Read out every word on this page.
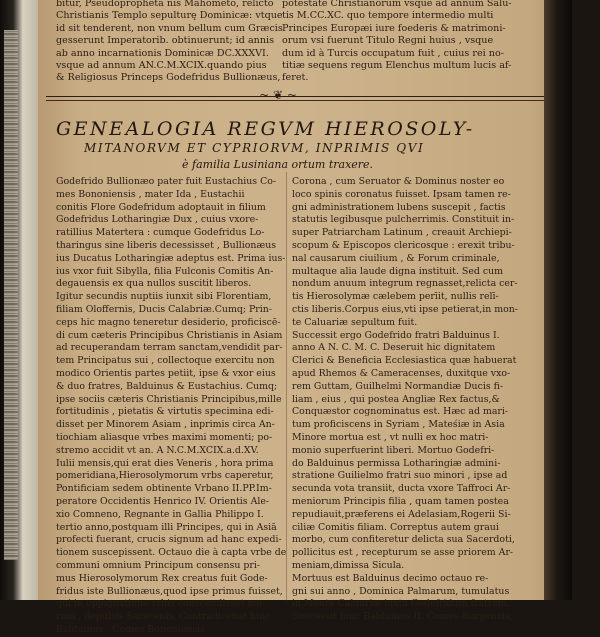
bitur, Pseudopropheta nis Mahometo, relicto
Christianis Templo sepulturę Dominicæ: vtque
id sit tenderent, non vnum bellum cum Græcis
gesserunt Imperatorib. obtinuerunt; id annis
ab anno incarnationis Dominicæ DC.XXXVI.
vsque ad annum AN.C.M.XCIX.quando pius
& Religiosus Princeps Godefridus Bullionæus,
potestate Christianorum vsque ad annum Salu-
tis M.CC.XC. quo tempore intermedio multi
Principes Europæi iure foederis & matrimoni-
orum vsi fuerunt Titulo Regni huius , vsque
dum id à Turcis occupatum fuit , cuius rei no-
titiæ sequens regum Elenchus multum lucis af-
feret.
~ ❦ ~
GENEALOGIA REGVM HIEROSOLY-
MITANORVM ET CYPRIORVM, INPRIMIS QVI
è familia Lusiniana ortum traxere.
Godefrido Bullionæo pater fuit Eustachius Co-
mes Bononiensis , mater Ida , Eustachii
conitis Flore Godefridum adoptauit in filium
Godefridus Lotharingiæ Dux , cuius vxore-
ratillius Matertera : cumque Godefridus Lo-
tharingus sine liberis decessisset , Bullionæus
ius Ducatus Lotharingiæ adeptus est. Prima ius-
ius vxor fuit Sibylla, filia Fulconis Comitis An-
degauensis ex qua nullos suscitit liberos.
Igitur secundis nuptiis iunxit sibi Florentiam,
filiam Oloffernis, Ducis Calabriæ.Cumq; Prin-
ceps hic magno teneretur desiderio, proficiscē-
di cum cæteris Principibus Christianis in Asiam
ad recuperandam terram sanctam,vendidit par-
tem Principatus sui , collectoque exercitu non
modico Orientis partes petiit, ipse & vxor eius
& duo fratres, Balduinus & Eustachius. Cumq;
ipse sociis cæteris Christianis Principibus,mille
fortitudinis , pietatis & virtutis specimina edi-
disset per Minorem Asiam , inprimis circa An-
tiochiam aliasque vrbes maximi momenti; po-
stremo accidit vt an. A N.C.M.XCIX.a.d.XV.
Iulii mensis,qui erat dies Veneris , hora prima
pomeridiana,Hierosolymorum vrbs caperetur,
Pontificiam sedem obtinente Vrbano II.PP.Im-
peratore Occidentis Henrico IV. Orientis Ale-
xio Comneno, Regnante in Gallia Philippo I.
tertio anno,postquam illi Principes, qui in Asiā
profecti fuerant, crucis signum ad hanc expedi-
tionem suscepissent. Octauo die à capta vrbe de
communi omnium Principum consensu pri-
mus Hierosolymorum Rex creatus fuit Gode-
fridus iste Bullionæus,quod ipse primus fuisset,
qui in oppignatione vrbis conscendisset mu-
rum , depulsis Saracenis. Contradicebat huic
Balduinus , Comes Bononiensis
Corona , cum Seruator & Dominus noster eo
loco spinis coronatus fuisset. Ipsam tamen re-
gni administrationem lubens suscepit , factis
statutis legibusque pulcherrimis. Constituit in-
super Patriarcham Latinum , creauit Archiepi-
scopum & Episcopos clericosque : erexit tribu-
nal causarum ciuilium , & Forum criminale,
multaque alia laude digna instituit. Sed cum
nondum anuum integrum regnasset,relicta cer-
tis Hierosolymæ cælebem perīit, nullis relī-
ctis liberis.Corpus eius,vti ipse petierat,in mon-
te Caluariæ sepultum fuit.
Successit ergo Godefrido fratri Balduinus I.
anno A N. C. M. C. Deseruit hic dignitatem
Clerici & Beneficia Ecclesiastica quæ habuerat
apud Rhemos & Cameracenses, duxitque vxo-
rem Guttam, Guilhelmi Normandiæ Ducis fi-
liam , eius , qui postea Angliæ Rex factus,&
Conquæstor cognominatus est. Hæc ad mari-
tum proficiscens in Syriam , Mateśiæ in Asia
Minore mortua est , vt nulli ex hoc matri-
monio superfuerint liberi. Mortuo Godefri-
do Balduinus permissa Lotharingiæ admini-
stratione Guilielmo fratri suo minori , ipse ad
secunda vota transiit, ducta vxore Taffroci Ar-
meniorum Principis filia , quam tamen postea
repudiauit,præferens ei Adelasiam,Rogerii Si-
ciliæ Comitis filiam. Correptus autem graui
morbo, cum confiteretur delicta sua Sacerdoti,
pollicitus est , recepturum se asse priorem Ar-
meniam,dimissa Sicula.
Mortuus est Balduinus decimo octauo re-
gni sui anno , Dominica Palmarum, tumulatus
in Monte Caluariæ iuxta Godefridum fratrem.
Successit huic Balduinus II. Comes Burgensis,
